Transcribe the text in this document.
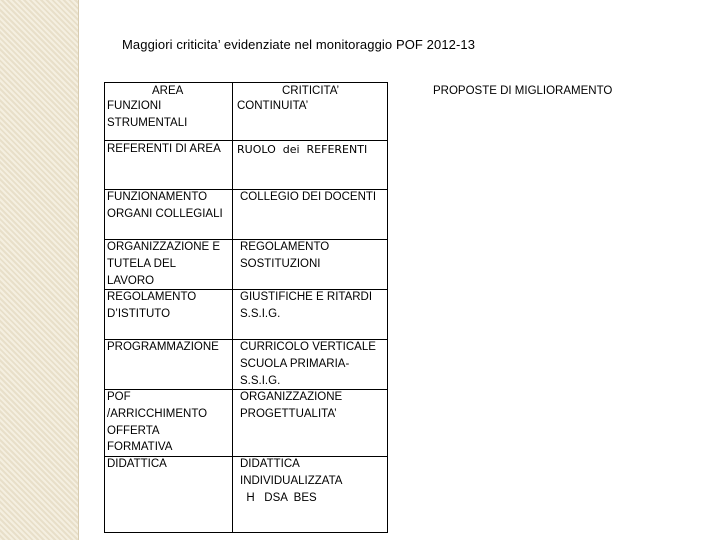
Maggiori criticita’ evidenziate nel monitoraggio POF 2012-13
AREA	CRITICITA’	PROPOSTE DI MIGLIORAMENTO
FUNZIONI
STRUMENTALI
CONTINUITA’
REFERENTI DI AREA RUOLO  dei  REFERENTI
FUNZIONAMENTO
ORGANI COLLEGIALI
COLLEGIO DEI DOCENTI
ORGANIZZAZIONE E
TUTELA DEL
LAVORO
REGOLAMENTO
SOSTITUZIONI
REGOLAMENTO
D’ISTITUTO
GIUSTIFICHE E RITARDI
S.S.I.G.
PROGRAMMAZIONE CURRICOLO VERTICALE
SCUOLA PRIMARIA-
S.S.I.G.
POF
/ARRICCHIMENTO
OFFERTA
FORMATIVA
DIDATTICA
ORGANIZZAZIONE
PROGETTUALITA’
DIDATTICA
INDIVIDUALIZZATA
H   DSA  BES
